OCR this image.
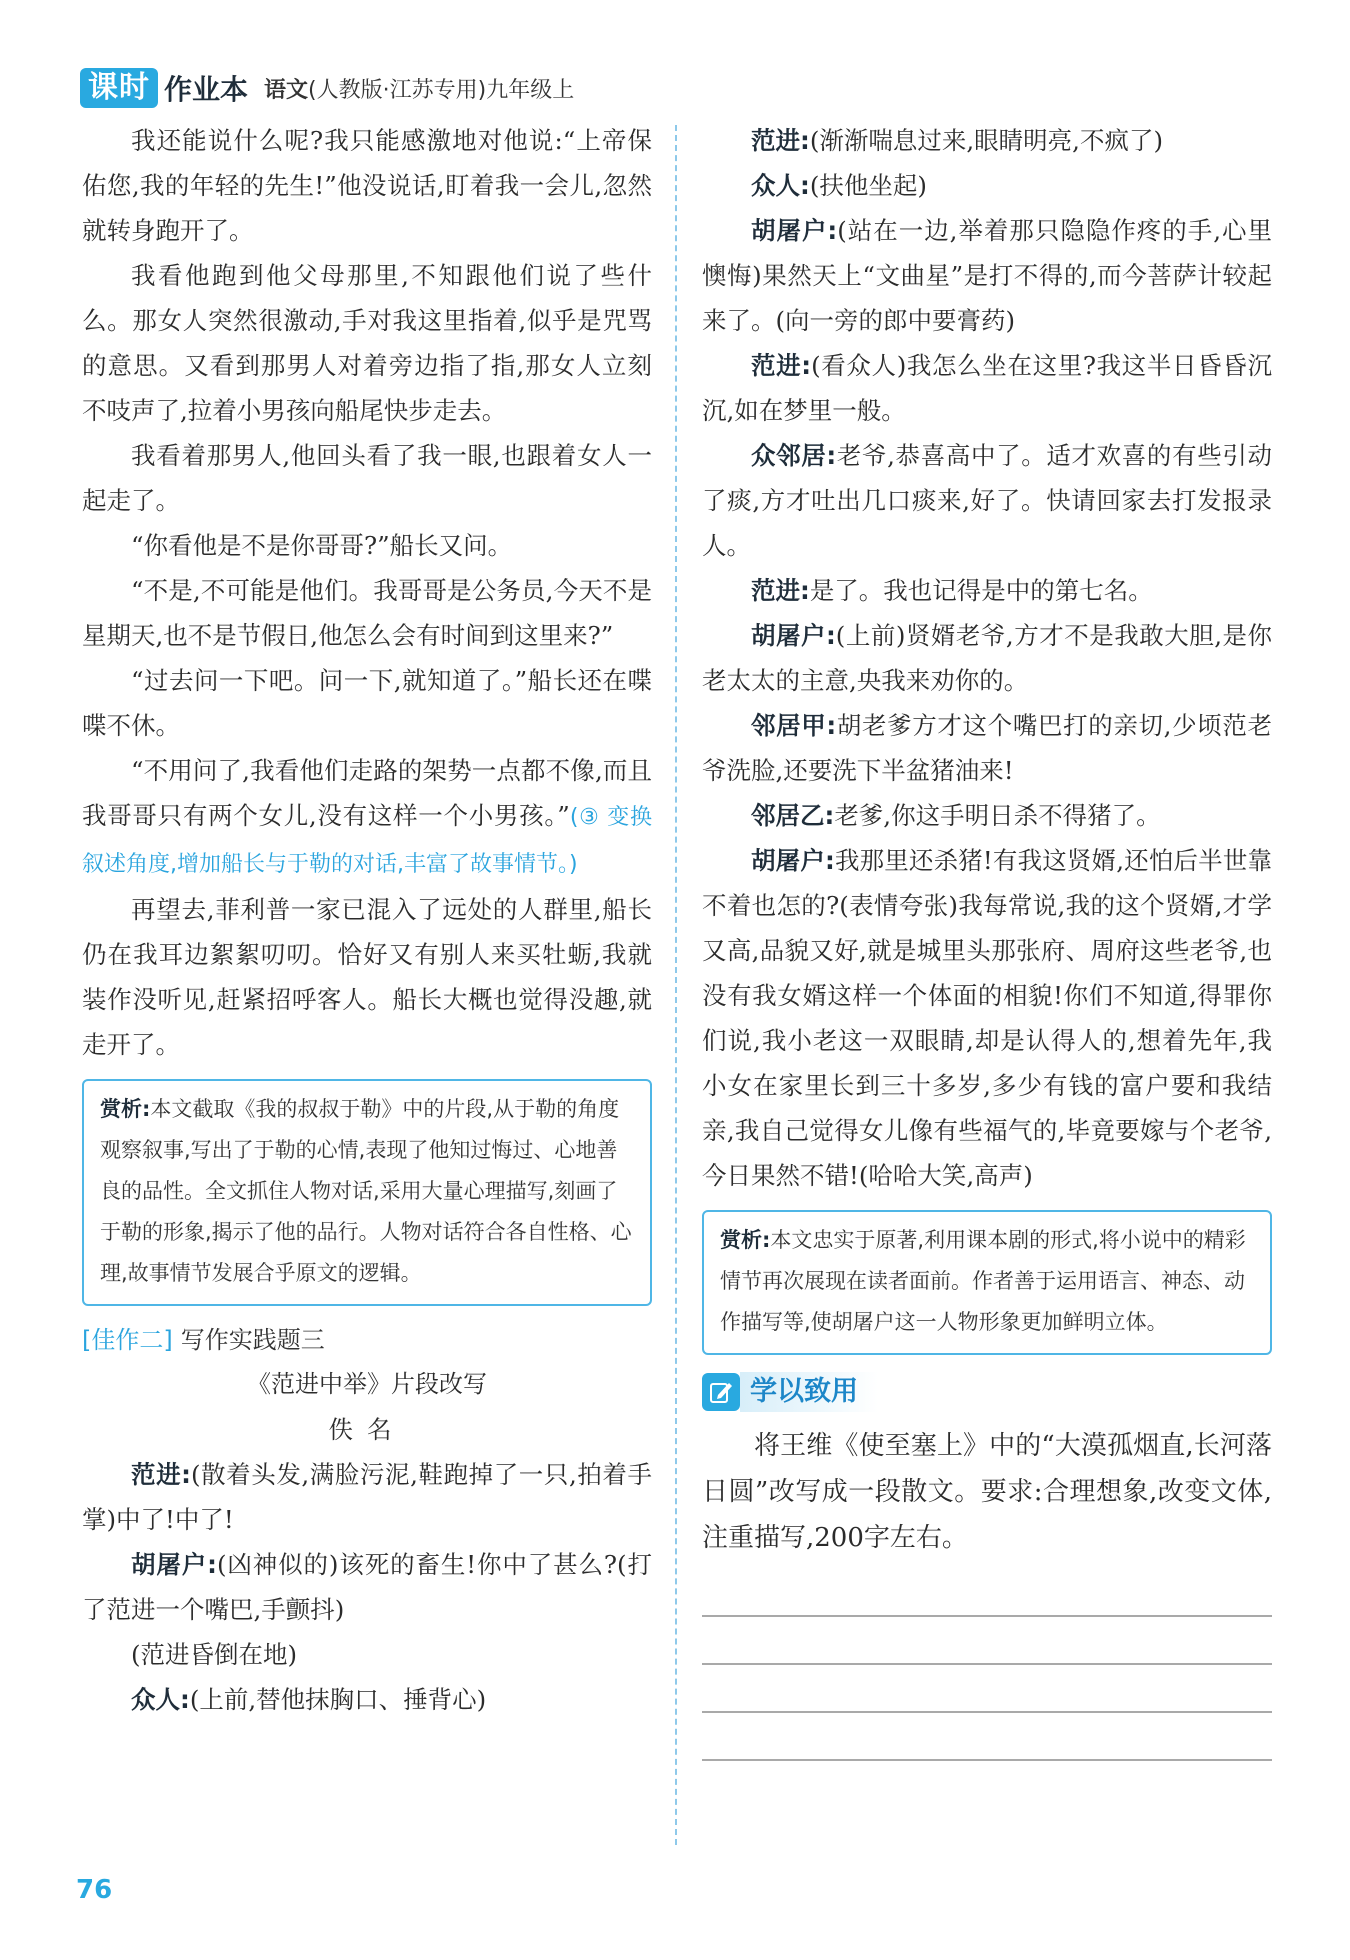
课时 作业本 语文(人教版·江苏专用)九年级上

我还能说什么呢?我只能感激地对他说:“上帝保佑您,我的年轻的先生!”他没说话,盯着我一会儿,忽然就转身跑开了。

我看他跑到他父母那里,不知跟他们说了些什么。那女人突然很激动,手对我这里指着,似乎是咒骂的意思。又看到那男人对着旁边指了指,那女人立刻不吱声了,拉着小男孩向船尾快步走去。

我看着那男人,他回头看了我一眼,也跟着女人一起走了。

“你看他是不是你哥哥?”船长又问。

“不是,不可能是他们。我哥哥是公务员,今天不是星期天,也不是节假日,他怎么会有时间到这里来?”

“过去问一下吧。问一下,就知道了。”船长还在喋喋不休。

“不用问了,我看他们走路的架势一点都不像,而且我哥哥只有两个女儿,没有这样一个小男孩。”(③ 变换叙述角度,增加船长与于勒的对话,丰富了故事情节。)

再望去,菲利普一家已混入了远处的人群里,船长仍在我耳边絮絮叨叨。恰好又有别人来买牡蛎,我就装作没听见,赶紧招呼客人。船长大概也觉得没趣,就走开了。

赏析:本文截取《我的叔叔于勒》中的片段,从于勒的角度观察叙事,写出了于勒的心情,表现了他知过悔过、心地善良的品性。全文抓住人物对话,采用大量心理描写,刻画了于勒的形象,揭示了他的品行。人物对话符合各自性格、心理,故事情节发展合乎原文的逻辑。
[佳作二] 写作实践题三

《范进中举》片段改写

佚名

范进:(散着头发,满脸污泥,鞋跑掉了一只,拍着手掌)中了!中了!

胡屠户:(凶神似的)该死的畜生!你中了甚么?(打了范进一个嘴巴,手颤抖)

(范进昏倒在地)

众人:(上前,替他抹胸口、捶背心)

范进:(渐渐喘息过来,眼睛明亮,不疯了)

众人:(扶他坐起)

胡屠户:(站在一边,举着那只隐隐作疼的手,心里懊悔)果然天上“文曲星”是打不得的,而今菩萨计较起来了。(向一旁的郎中要膏药)

范进:(看众人)我怎么坐在这里?我这半日昏昏沉沉,如在梦里一般。

众邻居:老爷,恭喜高中了。适才欢喜的有些引动了痰,方才吐出几口痰来,好了。快请回家去打发报录人。

范进:是了。我也记得是中的第七名。

胡屠户:(上前)贤婿老爷,方才不是我敢大胆,是你老太太的主意,央我来劝你的。

邻居甲:胡老爹方才这个嘴巴打的亲切,少顷范老爷洗脸,还要洗下半盆猪油来!

邻居乙:老爹,你这手明日杀不得猪了。

胡屠户:我那里还杀猪!有我这贤婿,还怕后半世靠不着也怎的?(表情夸张)我每常说,我的这个贤婿,才学又高,品貌又好,就是城里头那张府、周府这些老爷,也没有我女婿这样一个体面的相貌!你们不知道,得罪你们说,我小老这一双眼睛,却是认得人的,想着先年,我小女在家里长到三十多岁,多少有钱的富户要和我结亲,我自己觉得女儿像有些福气的,毕竟要嫁与个老爷,今日果然不错!(哈哈大笑,高声)

赏析:本文忠实于原著,利用课本剧的形式,将小说中的精彩情节再次展现在读者面前。作者善于运用语言、神态、动作描写等,使胡屠户这一人物形象更加鲜明立体。
学以致用

将王维《使至塞上》中的“大漠孤烟直,长河落日圆”改写成一段散文。要求:合理想象,改变文体,注重描写,200字左右。

76
